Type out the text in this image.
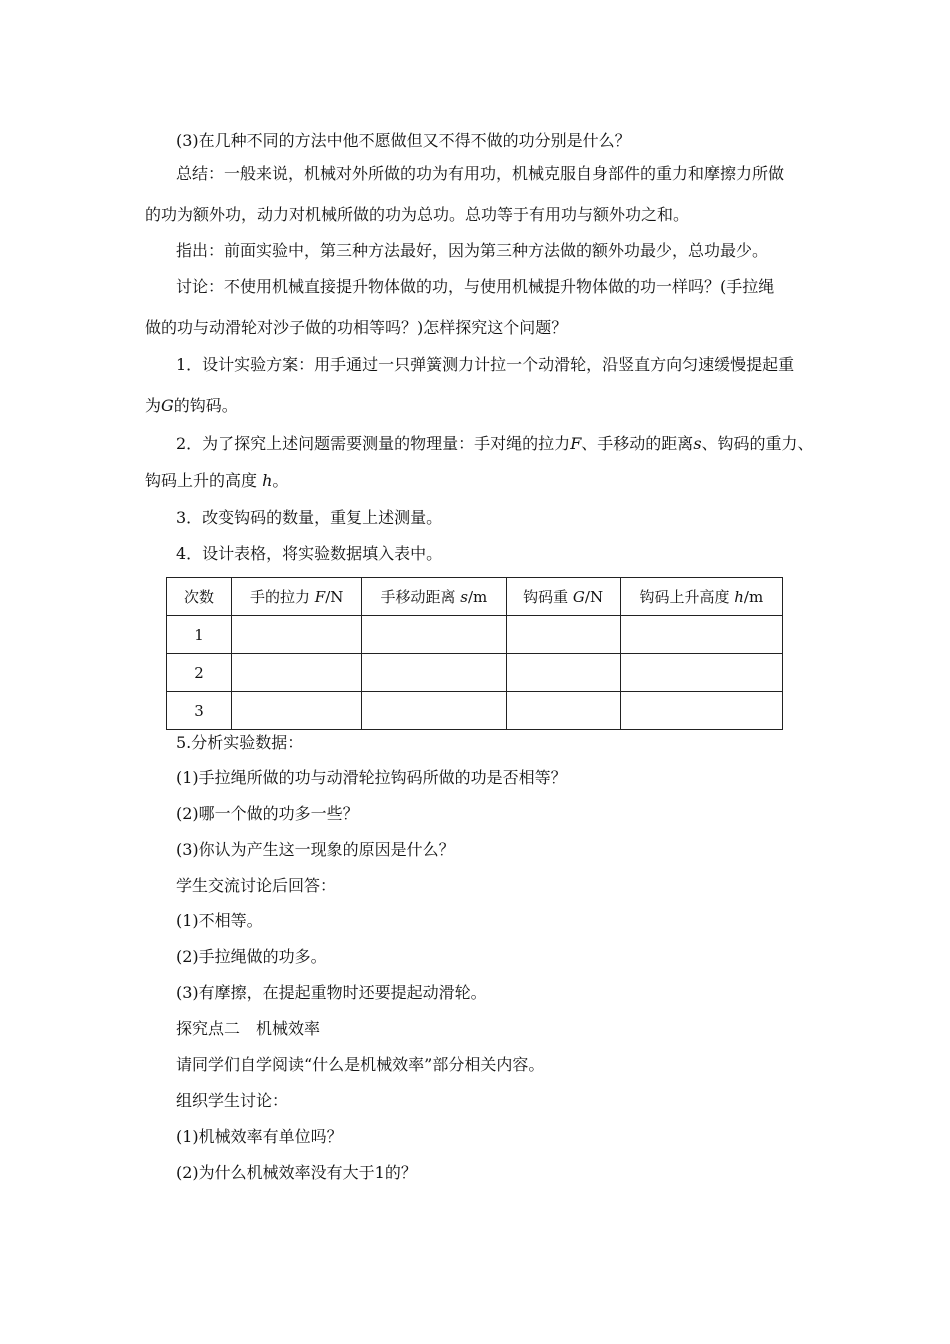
(3)在几种不同的方法中他不愿做但又不得不做的功分别是什么？

总结：一般来说，机械对外所做的功为有用功，机械克服自身部件的重力和摩擦力所做

的功为额外功，动力对机械所做的功为总功。总功等于有用功与额外功之和。

指出：前面实验中，第三种方法最好，因为第三种方法做的额外功最少，总功最少。

讨论：不使用机械直接提升物体做的功，与使用机械提升物体做的功一样吗？(手拉绳

做的功与动滑轮对沙子做的功相等吗？)怎样探究这个问题？

1．设计实验方案：用手通过一只弹簧测力计拉一个动滑轮，沿竖直方向匀速缓慢提起重

为G的钩码。

2．为了探究上述问题需要测量的物理量：手对绳的拉力F、手移动的距离s、钩码的重力、

钩码上升的高度 h。

3．改变钩码的数量，重复上述测量。

4．设计表格，将实验数据填入表中。

次数	手的拉力 F/N	手移动距离 s/m	钩码重 G/N	钩码上升高度 h/m
1				
2				
3				

5.分析实验数据：

(1)手拉绳所做的功与动滑轮拉钩码所做的功是否相等？

(2)哪一个做的功多一些？

(3)你认为产生这一现象的原因是什么？

学生交流讨论后回答：

(1)不相等。

(2)手拉绳做的功多。

(3)有摩擦，在提起重物时还要提起动滑轮。

探究点二　机械效率

请同学们自学阅读“什么是机械效率”部分相关内容。

组织学生讨论：

(1)机械效率有单位吗？

(2)为什么机械效率没有大于1的？
